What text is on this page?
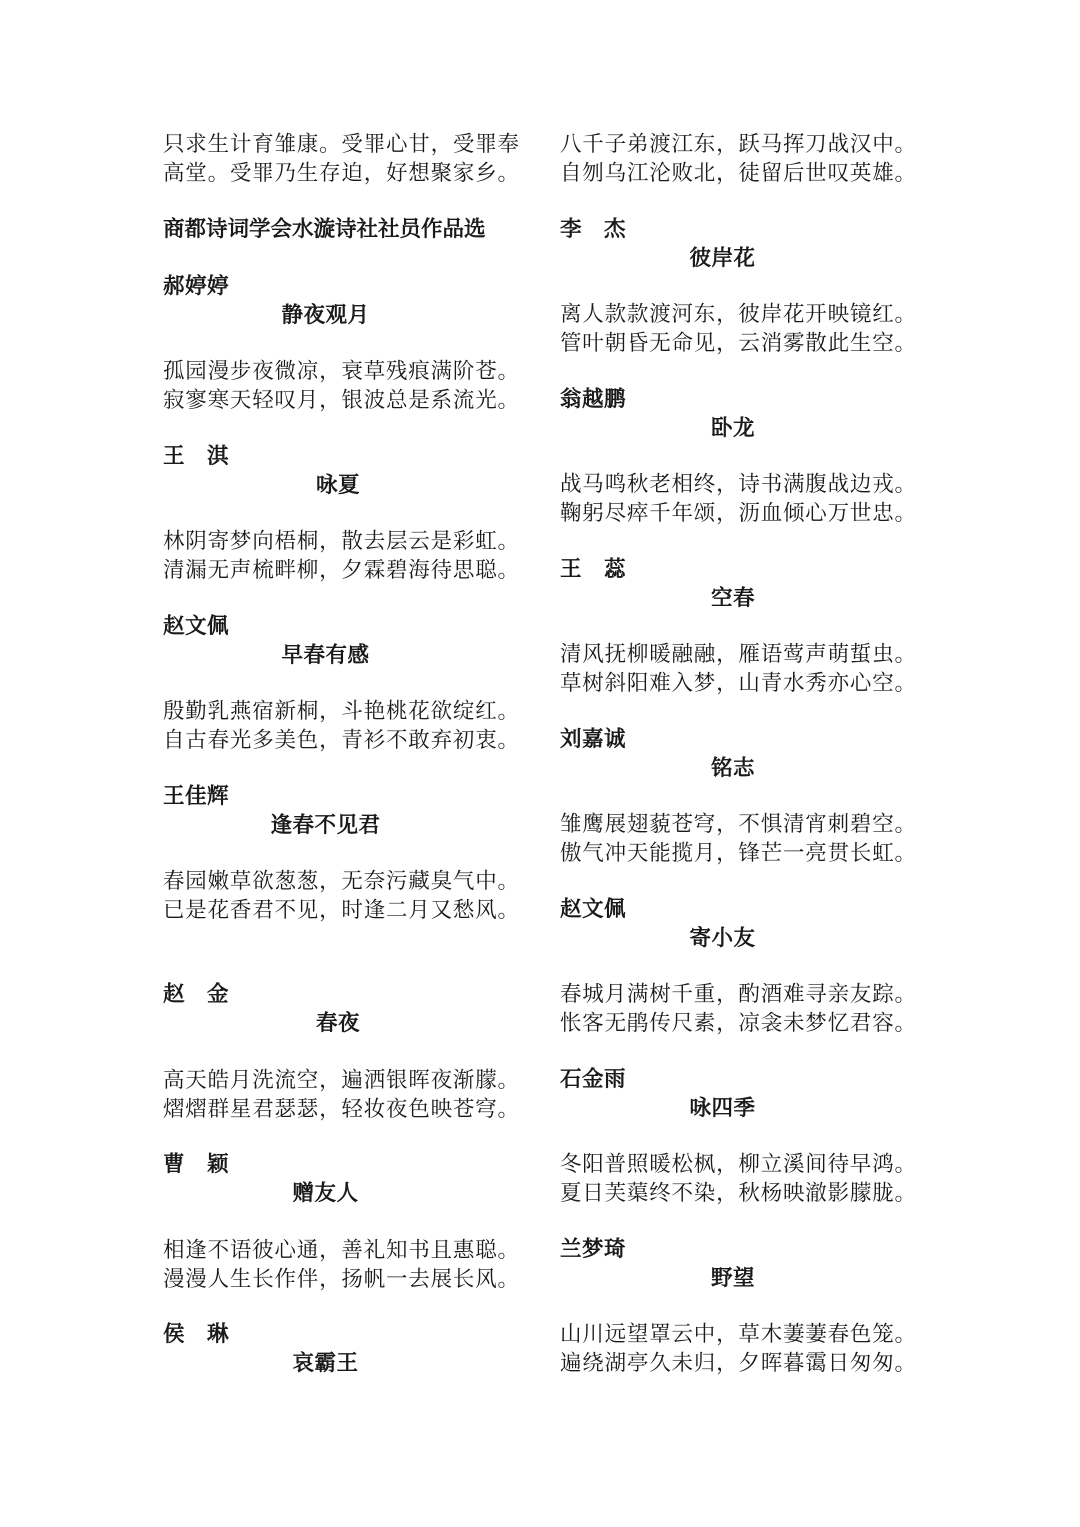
只求生计育雏康。受罪心甘，受罪奉
高堂。受罪乃生存迫，好想聚家乡。
商都诗词学会水漩诗社社员作品选
郝婷婷
静夜观月
孤园漫步夜微凉，衰草残痕满阶苍。
寂寥寒天轻叹月，银波总是系流光。
王　淇
咏夏
林阴寄梦向梧桐，散去层云是彩虹。
清漏无声梳畔柳，夕霖碧海待思聪。
赵文佩
早春有感
殷勤乳燕宿新桐，斗艳桃花欲绽红。
自古春光多美色，青衫不敢弃初衷。
王佳辉
逢春不见君
春园嫩草欲葱葱，无奈污藏臭气中。
已是花香君不见，时逢二月又愁风。
赵　金
春夜
高天皓月洗流空，遍洒银晖夜渐朦。
熠熠群星君瑟瑟，轻妆夜色映苍穹。
曹　颖
赠友人
相逢不语彼心通，善礼知书且惠聪。
漫漫人生长作伴，扬帆一去展长风。
侯　琳
哀霸王
八千子弟渡江东，跃马挥刀战汉中。
自刎乌江沦败北，徒留后世叹英雄。
李　杰
彼岸花
离人款款渡河东，彼岸花开映镜红。
管叶朝昏无命见，云消雾散此生空。
翁越鹏
卧龙
战马鸣秋老相终，诗书满腹战边戎。
鞠躬尽瘁千年颂，沥血倾心万世忠。
王　蕊
空春
清风抚柳暖融融，雁语莺声萌蜇虫。
草树斜阳难入梦，山青水秀亦心空。
刘嘉诚
铭志
雏鹰展翅藐苍穹，不惧清宵刺碧空。
傲气冲天能揽月，锋芒一亮贯长虹。
赵文佩
寄小友
春城月满树千重，酌酒难寻亲友踪。
怅客无鹃传尺素，凉衾未梦忆君容。
石金雨
咏四季
冬阳普照暖松枫，柳立溪间待早鸿。
夏日芙蕖终不染，秋杨映澈影朦胧。
兰梦琦
野望
山川远望罩云中，草木萋萋春色笼。
遍绕湖亭久未归，夕晖暮霭日匆匆。
